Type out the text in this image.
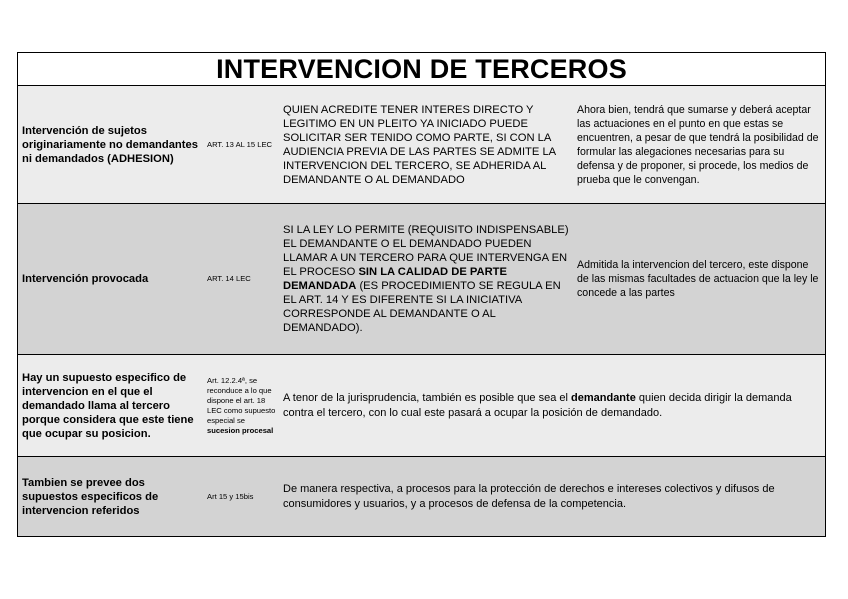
INTERVENCION DE TERCEROS
Intervención de sujetos originariamente no demandantes ni demandados (ADHESION)
ART. 13 AL 15 LEC
QUIEN ACREDITE TENER INTERES DIRECTO Y LEGITIMO EN UN PLEITO YA INICIADO PUEDE SOLICITAR SER TENIDO COMO PARTE, SI CON LA AUDIENCIA PREVIA DE LAS PARTES SE ADMITE LA INTERVENCION DEL TERCERO, SE ADHERIDA AL DEMANDANTE O AL DEMANDADO
Ahora bien, tendrá que sumarse y deberá aceptar las actuaciones en el punto en que estas se encuentren, a pesar de que tendrá la posibilidad de formular las alegaciones necesarias para su defensa y de proponer, si procede, los medios de prueba que le convengan.
Intervención provocada	ART. 14 LEC
SI LA LEY LO PERMITE (REQUISITO INDISPENSABLE) EL DEMANDANTE O EL DEMANDADO PUEDEN LLAMAR A UN TERCERO PARA QUE INTERVENGA EN EL PROCESO SIN LA CALIDAD DE PARTE DEMANDADA (ES PROCEDIMIENTO SE REGULA EN EL ART. 14 Y ES DIFERENTE SI LA INICIATIVA CORRESPONDE AL DEMANDANTE O AL DEMANDADO).
Admitida la intervencion del tercero, este dispone de las mismas facultades de actuacion que la ley le concede a las partes
Hay un supuesto especifico de intervencion en el que el demandado llama al tercero porque considera que este tiene que ocupar su posicion.
Art. 12.2.4ª, se reconduce a lo que dispone el art. 18 LEC como supuesto especial se sucesion procesal
A tenor de la jurisprudencia, también es posible que sea el demandante quien decida dirigir la demanda contra el tercero, con lo cual este pasará a ocupar la posición de demandado.
Tambien se prevee dos supuestos especificos de intervencion referidos
Art 15 y 15bis
De manera respectiva, a procesos para la protección de derechos e intereses colectivos y difusos de consumidores y usuarios, y a procesos de defensa de la competencia.
